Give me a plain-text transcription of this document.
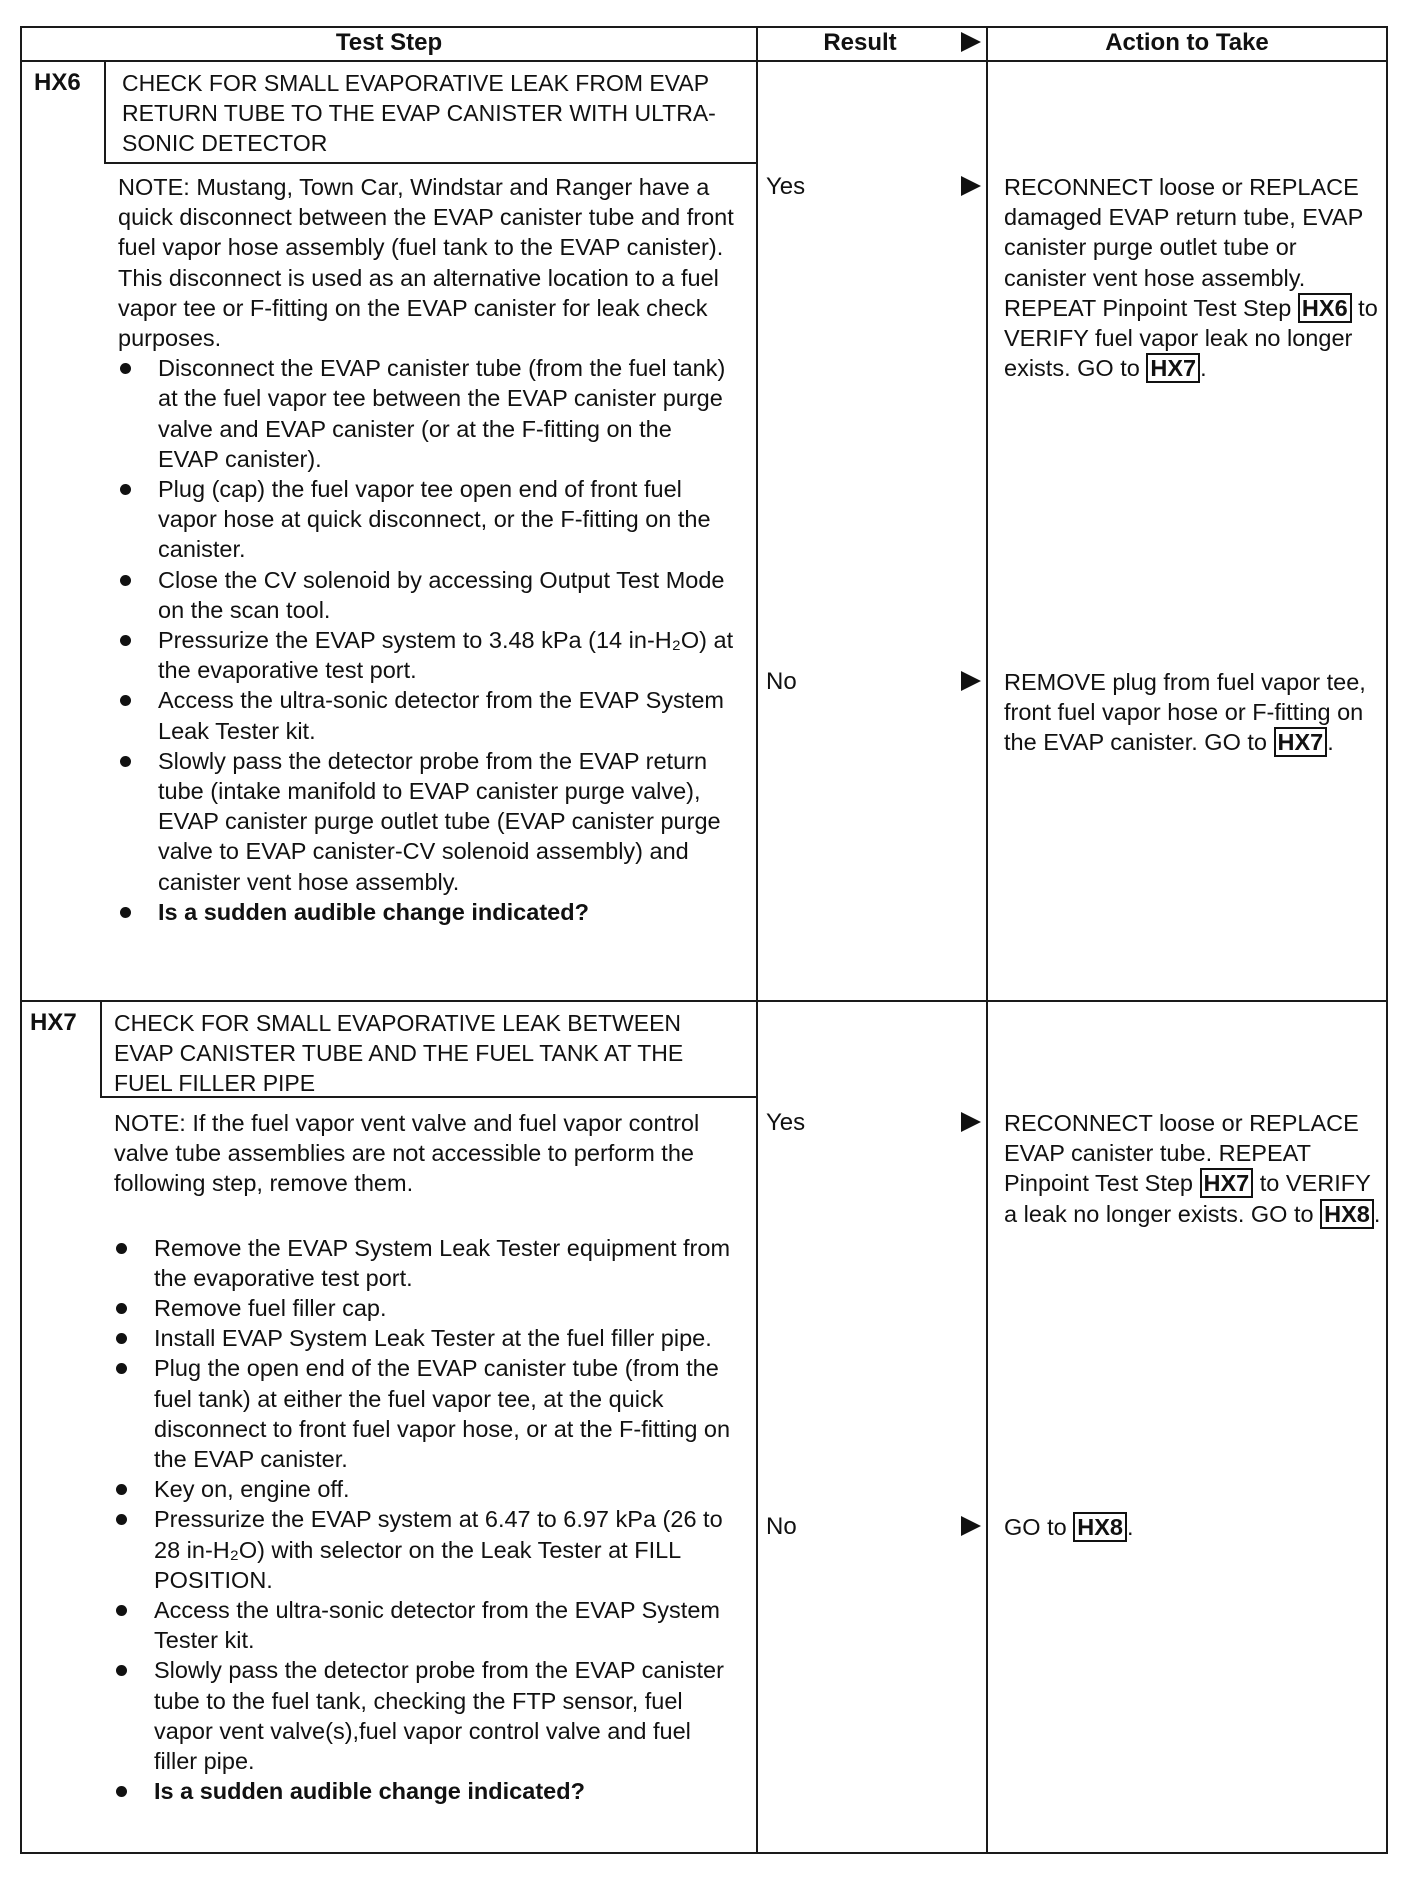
Test Step	Result	Action to Take
HX6 CHECK FOR SMALL EVAPORATIVE LEAK FROM EVAP RETURN TUBE TO THE EVAP CANISTER WITH ULTRA-SONIC DETECTOR

NOTE: Mustang, Town Car, Windstar and Ranger have a quick disconnect between the EVAP canister tube and front fuel vapor hose assembly (fuel tank to the EVAP canister). This disconnect is used as an alternative location to a fuel vapor tee or F-fitting on the EVAP canister for leak check purposes.

Disconnect the EVAP canister tube (from the fuel tank) at the fuel vapor tee between the EVAP canister purge valve and EVAP canister (or at the F-fitting on the EVAP canister).
Plug (cap) the fuel vapor tee open end of front fuel vapor hose at quick disconnect, or the F-fitting on the canister.
Close the CV solenoid by accessing Output Test Mode on the scan tool.
Pressurize the EVAP system to 3.48 kPa (14 in-H₂O) at the evaporative test port.
Access the ultra-sonic detector from the EVAP System Leak Tester kit.
Slowly pass the detector probe from the EVAP return tube (intake manifold to EVAP canister purge valve), EVAP canister purge outlet tube (EVAP canister purge valve to EVAP canister-CV solenoid assembly) and canister vent hose assembly.
Is a sudden audible change indicated?
Yes	RECONNECT loose or REPLACE damaged EVAP return tube, EVAP canister purge outlet tube or canister vent hose assembly. REPEAT Pinpoint Test Step HX6 to VERIFY fuel vapor leak no longer exists. GO to HX7 .
No	REMOVE plug from fuel vapor tee, front fuel vapor hose or F-fitting on the EVAP canister. GO to HX7 .
HX7 CHECK FOR SMALL EVAPORATIVE LEAK BETWEEN EVAP CANISTER TUBE AND THE FUEL TANK AT THE FUEL FILLER PIPE

NOTE: If the fuel vapor vent valve and fuel vapor control valve tube assemblies are not accessible to perform the following step, remove them.

Remove the EVAP System Leak Tester equipment from the evaporative test port.
Remove fuel filler cap.
Install EVAP System Leak Tester at the fuel filler pipe.
Plug the open end of the EVAP canister tube (from the fuel tank) at either the fuel vapor tee, at the quick disconnect to front fuel vapor hose, or at the F-fitting on the EVAP canister.
Key on, engine off.
Pressurize the EVAP system at 6.47 to 6.97 kPa (26 to 28 in-H₂O) with selector on the Leak Tester at FILL POSITION.
Access the ultra-sonic detector from the EVAP System Tester kit.
Slowly pass the detector probe from the EVAP canister tube to the fuel tank, checking the FTP sensor, fuel vapor vent valve(s),fuel vapor control valve and fuel filler pipe.
Is a sudden audible change indicated?
Yes	RECONNECT loose or REPLACE EVAP canister tube. REPEAT Pinpoint Test Step HX7 to VERIFY a leak no longer exists. GO to HX8 .
No	GO to HX8 .
